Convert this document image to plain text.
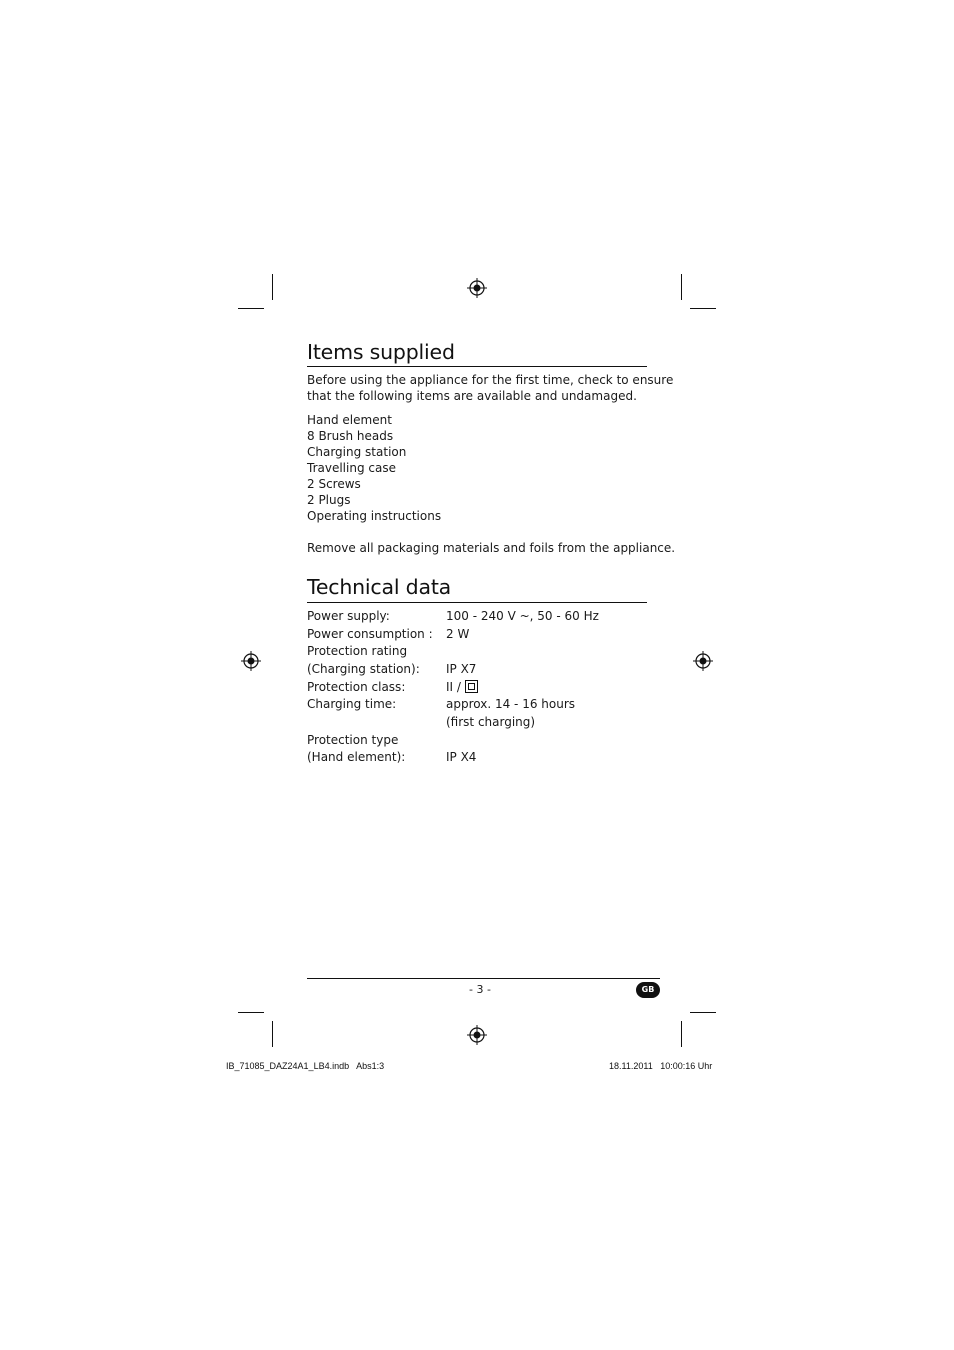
Items supplied
Before using the appliance for the first time, check to ensure
that the following items are available and undamaged.
Hand element
8 Brush heads
Charging station
Travelling case
2 Screws
2 Plugs
Operating instructions
Remove all packaging materials and foils from the appliance.
Technical data
Power supply:	100 - 240 V ~, 50 - 60 Hz
Power consumption : 2 W
Protection rating
(Charging station): IP X7
Protection class:	II /
Charging time:	approx. 14 - 16 hours
(first charging)
Protection type
(Hand element):	IP X4
- 3 -	GB
IB_71085_DAZ24A1_LB4.indb   Abs1:3	18.11.2011   10:00:16 Uhr
